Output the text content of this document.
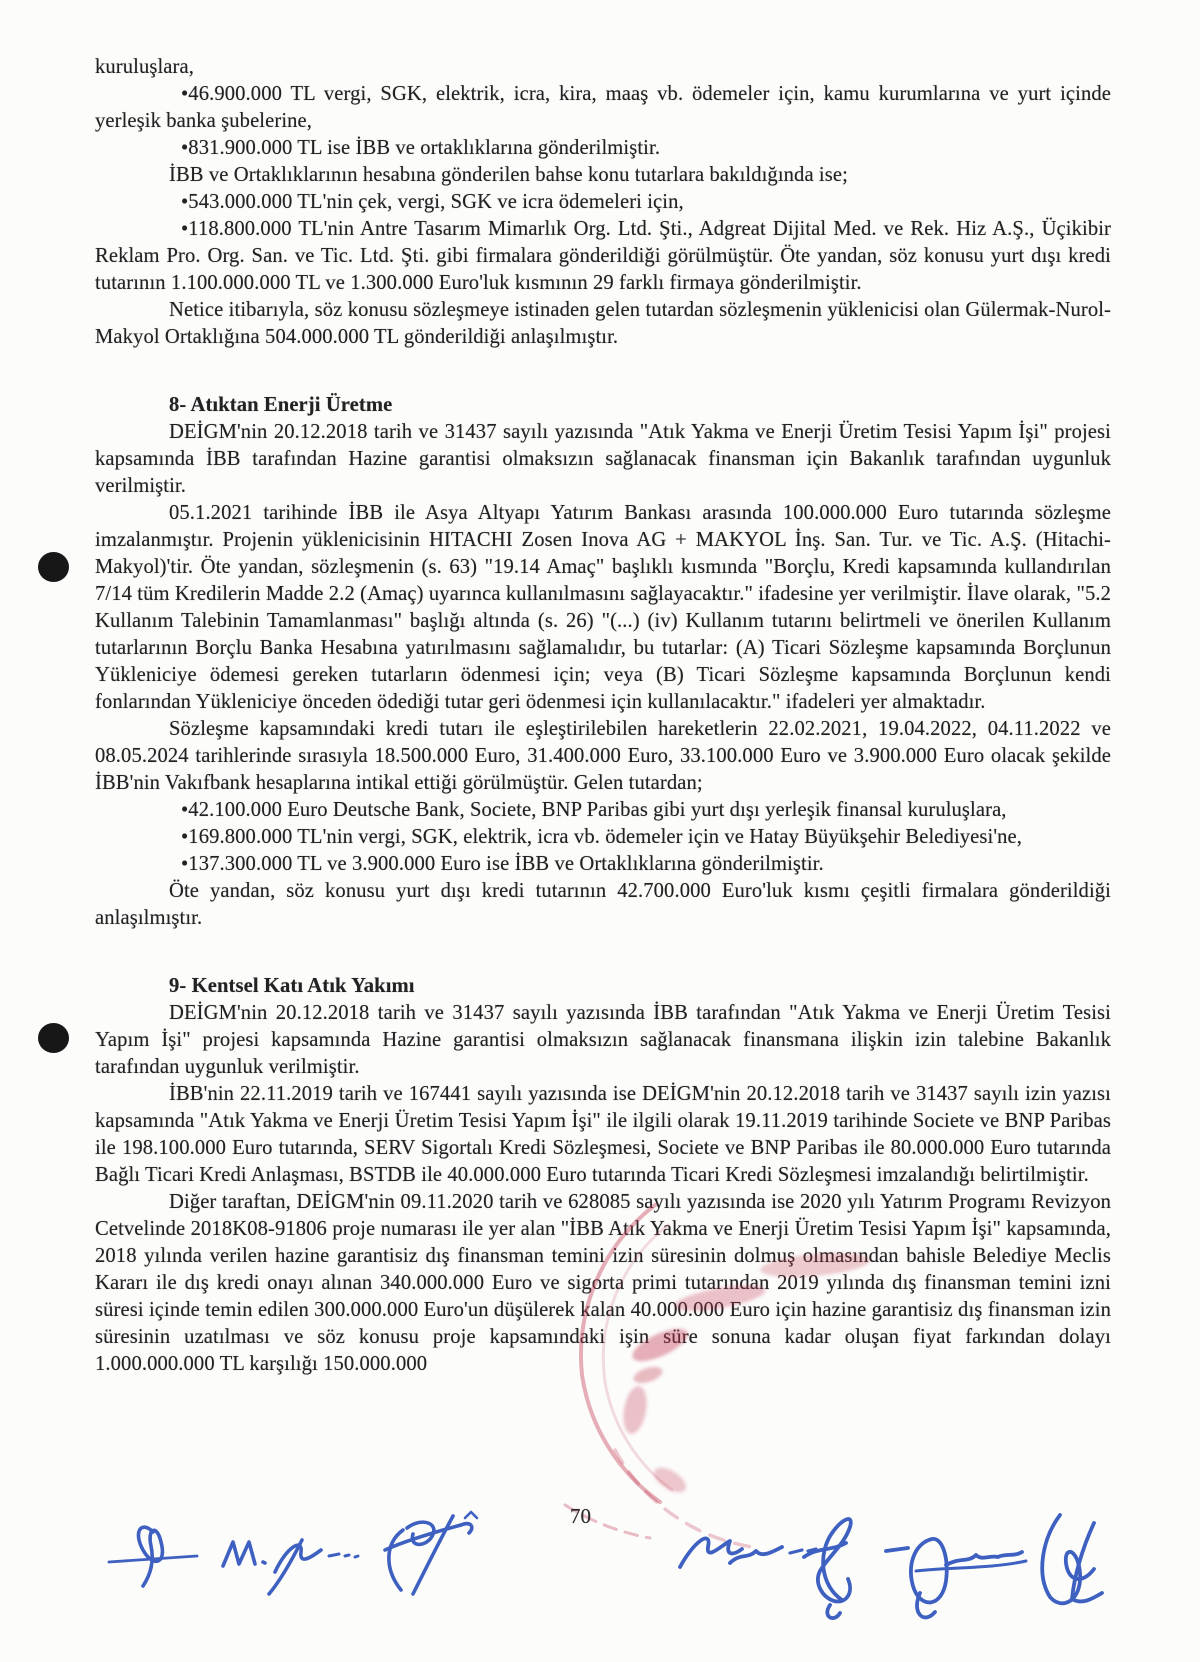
kuruluşlara,
•46.900.000 TL vergi, SGK, elektrik, icra, kira, maaş vb. ödemeler için, kamu kurumlarına ve yurt içinde yerleşik banka şubelerine,
•831.900.000 TL ise İBB ve ortaklıklarına gönderilmiştir.
İBB ve Ortaklıklarının hesabına gönderilen bahse konu tutarlara bakıldığında ise;
•543.000.000 TL'nin çek, vergi, SGK ve icra ödemeleri için,
•118.800.000 TL'nin Antre Tasarım Mimarlık Org. Ltd. Şti., Adgreat Dijital Med. ve Rek. Hiz A.Ş., Üçikibir Reklam Pro. Org. San. ve Tic. Ltd. Şti. gibi firmalara gönderildiği görülmüştür. Öte yandan, söz konusu yurt dışı kredi tutarının 1.100.000.000 TL ve 1.300.000 Euro'luk kısmının 29 farklı firmaya gönderilmiştir.
Netice itibarıyla, söz konusu sözleşmeye istinaden gelen tutardan sözleşmenin yüklenicisi olan Gülermak-Nurol-Makyol Ortaklığına 504.000.000 TL gönderildiği anlaşılmıştır.
8- Atıktan Enerji Üretme
DEİGM'nin 20.12.2018 tarih ve 31437 sayılı yazısında "Atık Yakma ve Enerji Üretim Tesisi Yapım İşi" projesi kapsamında İBB tarafından Hazine garantisi olmaksızın sağlanacak finansman için Bakanlık tarafından uygunluk verilmiştir.
05.1.2021 tarihinde İBB ile Asya Altyapı Yatırım Bankası arasında 100.000.000 Euro tutarında sözleşme imzalanmıştır. Projenin yüklenicisinin HITACHI Zosen Inova AG + MAKYOL İnş. San. Tur. ve Tic. A.Ş. (Hitachi-Makyol)'tir. Öte yandan, sözleşmenin (s. 63) "19.14 Amaç" başlıklı kısmında "Borçlu, Kredi kapsamında kullandırılan 7/14 tüm Kredilerin Madde 2.2 (Amaç) uyarınca kullanılmasını sağlayacaktır." ifadesine yer verilmiştir. İlave olarak, "5.2 Kullanım Talebinin Tamamlanması" başlığı altında (s. 26) "(...) (iv) Kullanım tutarını belirtmeli ve önerilen Kullanım tutarlarının Borçlu Banka Hesabına yatırılmasını sağlamalıdır, bu tutarlar: (A) Ticari Sözleşme kapsamında Borçlunun Yükleniciye ödemesi gereken tutarların ödenmesi için; veya (B) Ticari Sözleşme kapsamında Borçlunun kendi fonlarından Yükleniciye önceden ödediği tutar geri ödenmesi için kullanılacaktır." ifadeleri yer almaktadır.
Sözleşme kapsamındaki kredi tutarı ile eşleştirilebilen hareketlerin 22.02.2021, 19.04.2022, 04.11.2022 ve 08.05.2024 tarihlerinde sırasıyla 18.500.000 Euro, 31.400.000 Euro, 33.100.000 Euro ve 3.900.000 Euro olacak şekilde İBB'nin Vakıfbank hesaplarına intikal ettiği görülmüştür. Gelen tutardan;
•42.100.000 Euro Deutsche Bank, Societe, BNP Paribas gibi yurt dışı yerleşik finansal kuruluşlara,
•169.800.000 TL'nin vergi, SGK, elektrik, icra vb. ödemeler için ve Hatay Büyükşehir Belediyesi'ne,
•137.300.000 TL ve 3.900.000 Euro ise İBB ve Ortaklıklarına gönderilmiştir.
Öte yandan, söz konusu yurt dışı kredi tutarının 42.700.000 Euro'luk kısmı çeşitli firmalara gönderildiği anlaşılmıştır.
9- Kentsel Katı Atık Yakımı
DEİGM'nin 20.12.2018 tarih ve 31437 sayılı yazısında İBB tarafından "Atık Yakma ve Enerji Üretim Tesisi Yapım İşi" projesi kapsamında Hazine garantisi olmaksızın sağlanacak finansmana ilişkin izin talebine Bakanlık tarafından uygunluk verilmiştir.
İBB'nin 22.11.2019 tarih ve 167441 sayılı yazısında ise DEİGM'nin 20.12.2018 tarih ve 31437 sayılı izin yazısı kapsamında "Atık Yakma ve Enerji Üretim Tesisi Yapım İşi" ile ilgili olarak 19.11.2019 tarihinde Societe ve BNP Paribas ile 198.100.000 Euro tutarında, SERV Sigortalı Kredi Sözleşmesi, Societe ve BNP Paribas ile 80.000.000 Euro tutarında Bağlı Ticari Kredi Anlaşması, BSTDB ile 40.000.000 Euro tutarında Ticari Kredi Sözleşmesi imzalandığı belirtilmiştir.
Diğer taraftan, DEİGM'nin 09.11.2020 tarih ve 628085 sayılı yazısında ise 2020 yılı Yatırım Programı Revizyon Cetvelinde 2018K08-91806 proje numarası ile yer alan "İBB Atık Yakma ve Enerji Üretim Tesisi Yapım İşi" kapsamında, 2018 yılında verilen hazine garantisiz dış finansman temini izin süresinin dolmuş olmasından bahisle Belediye Meclis Kararı ile dış kredi onayı alınan 340.000.000 Euro ve sigorta primi tutarından 2019 yılında dış finansman temini izni süresi içinde temin edilen 300.000.000 Euro'un düşülerek kalan 40.000.000 Euro için hazine garantisiz dış finansman izin süresinin uzatılması ve söz konusu proje kapsamındaki işin süre sonuna kadar oluşan fiyat farkından dolayı 1.000.000.000 TL karşılığı 150.000.000
70
